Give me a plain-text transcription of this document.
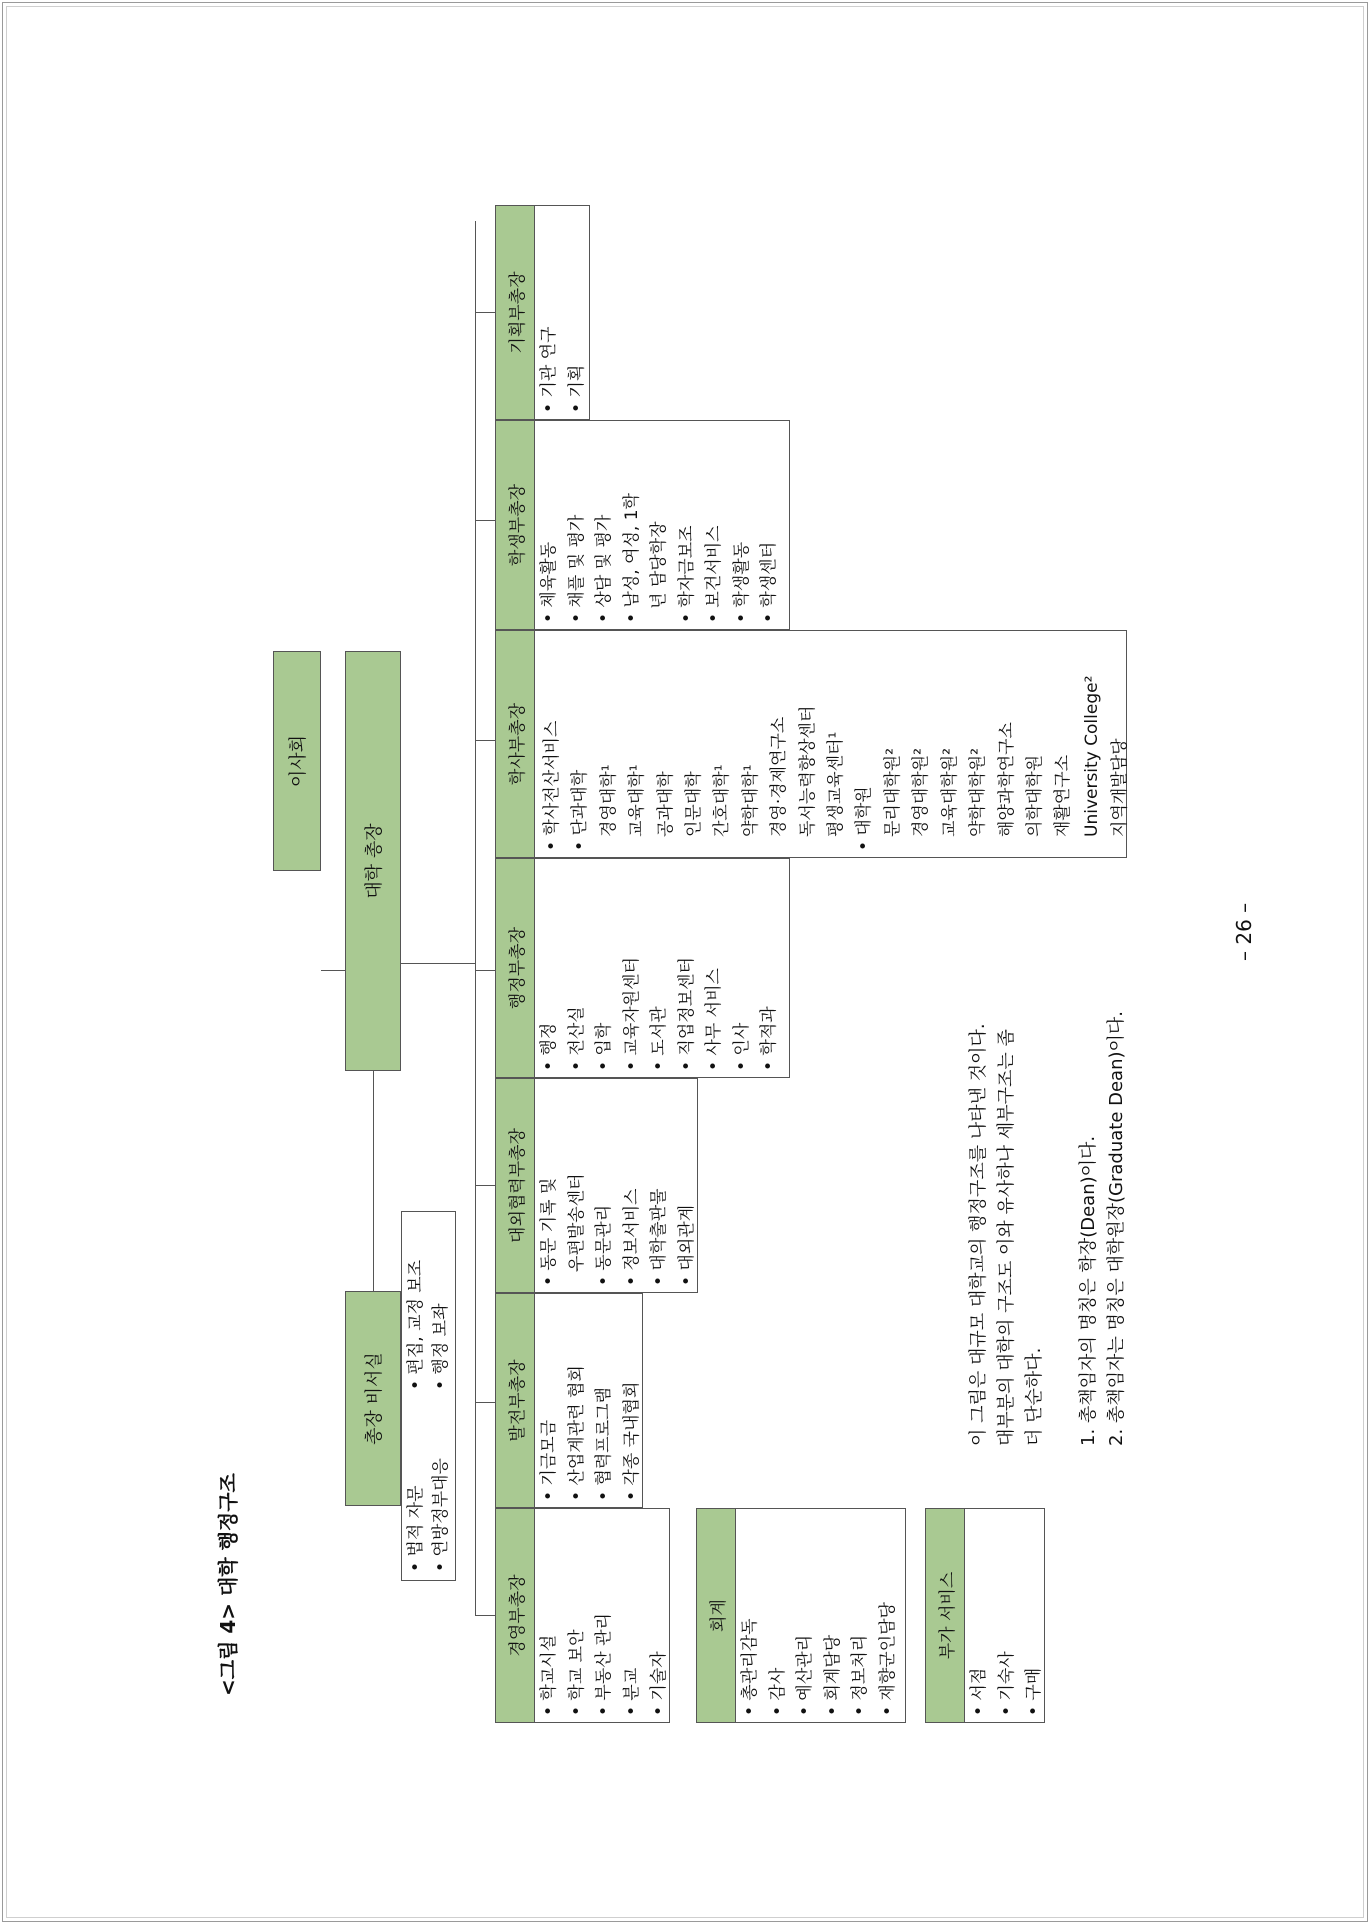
<그림 4> 대학 행정구조
이사회
대학 총장
총장 비서실
• 법적 자문
• 편집, 교정 보조
• 연방정부대응
• 행정 보좌
경영부총장
• 학교시설 • 학교 보안 • 부동산 관리 • 분교 • 기술자
발전부총장
• 기금모금 • 산업계관련 협회 • 협력프로그램 • 각종 국내협회
대외협력부총장 • 동문 기록 및 우편발송센터 • 동문관리 • 정보서비스 • 대학출판물 • 대외관계
행정부총장
• 행정 • 전산실 • 입학 • 교육자원센터 • 도서관 • 직업정보센터 • 사무 서비스 • 인사 • 학적과
학사부총장 • 학사전산서비스 • 단과대학 경영대학¹ 교육대학¹ 공과대학 인문대학 간호대학¹ 약학대학¹ 경영·경제연구소 독서능력향상센터 평생교육센터¹ • 대학원 문리대학원² 경영대학원² 교육대학원² 약학대학원² 해양과학연구소 의학대학원 재활연구소 University College² 지역개발담당
학생부총장
• 체육활동 • 채플 및 평가 • 상담 및 평가 • 남성, 여성, 1학 년 담당학장 • 학자금보조 • 보건서비스 • 학생활동 • 학생센터
기획부총장
• 기관 연구 • 기획
회계
• 총관리감독 • 감사 • 예산관리 • 회계담당 • 정보처리 • 재향군인담당	부가 서비스
• 서점 • 기숙사 • 구매
이 그림은 대규모 대학교의 행정구조를 나타낸 것이다. 대부분의 대학의 구조도 이와 유사하나 세부구조는 좀 더 단순하다. 1. 총책임자의 명칭은 학장(Dean)이다. 2. 총책임자는 명칭은 대학원장(Graduate Dean)이다.
– 26 –
